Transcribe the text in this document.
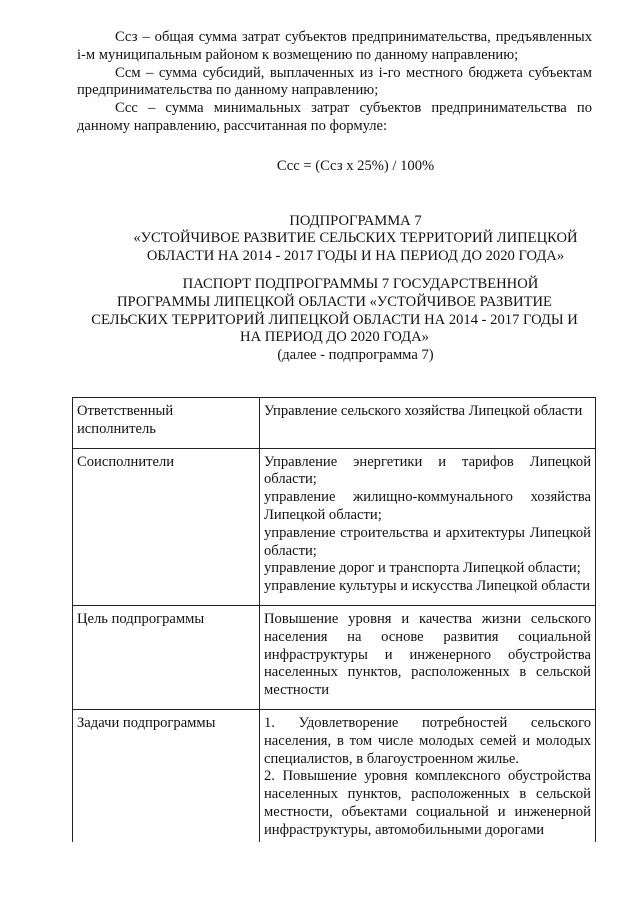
Ссз – общая сумма затрат субъектов предпринимательства, предъявленных i-м муниципальным районом к возмещению по данному направлению;

Ссм – сумма субсидий, выплаченных из i-го местного бюджета субъектам предпринимательства по данному направлению;

Ссс – сумма минимальных затрат субъектов предпринимательства по данному направлению, рассчитанная по формуле:

Ссс = (Ссз х 25%) / 100%

ПОДПРОГРАММА 7

«УСТОЙЧИВОЕ РАЗВИТИЕ СЕЛЬСКИХ ТЕРРИТОРИЙ ЛИПЕЦКОЙ

ОБЛАСТИ НА 2014 - 2017 ГОДЫ И НА ПЕРИОД ДО 2020 ГОДА»

ПАСПОРТ ПОДПРОГРАММЫ 7 ГОСУДАРСТВЕННОЙ

ПРОГРАММЫ ЛИПЕЦКОЙ ОБЛАСТИ «УСТОЙЧИВОЕ РАЗВИТИЕ

СЕЛЬСКИХ ТЕРРИТОРИЙ ЛИПЕЦКОЙ ОБЛАСТИ НА 2014 - 2017 ГОДЫ И

НА ПЕРИОД ДО 2020 ГОДА»

(далее - подпрограмма 7)

Ответственный исполнитель	Управление сельского хозяйства Липецкой области

Соисполнители	Управление энергетики и тарифов Липецкой области;
управление жилищно-коммунального хозяйства Липецкой области;
управление строительства и архитектуры Липецкой области;
управление дорог и транспорта Липецкой области;
управление культуры и искусства Липецкой области

Цель подпрограммы	Повышение уровня и качества жизни сельского населения на основе развития социальной инфраструктуры и инженерного обустройства населенных пунктов, расположенных в сельской местности

Задачи подпрограммы	1. Удовлетворение потребностей сельского населения, в том числе молодых семей и молодых специалистов, в благоустроенном жилье.
2. Повышение уровня комплексного обустройства населенных пунктов, расположенных в сельской местности, объектами социальной и инженерной инфраструктуры, автомобильными дорогами
